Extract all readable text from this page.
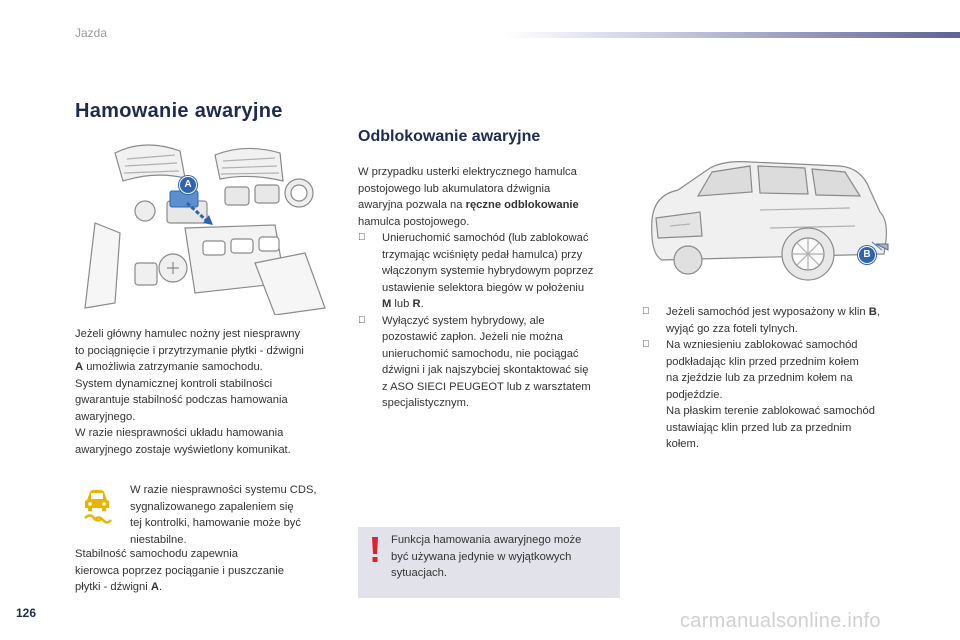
Jazda
Hamowanie awaryjne
A
Jeżeli główny hamulec nożny jest niesprawny
to pociągnięcie i przytrzymanie płytki - dźwigni
A umożliwia zatrzymanie samochodu.
System dynamicznej kontroli stabilności
gwarantuje stabilność podczas hamowania
awaryjnego.
W razie niesprawności układu hamowania
awaryjnego zostaje wyświetlony komunikat.
W razie niesprawności systemu CDS,
sygnalizowanego zapaleniem się
tej kontrolki, hamowanie może być
niestabilne.
Stabilność samochodu zapewnia
kierowca poprzez pociąganie i puszczanie
płytki - dźwigni A.
Odblokowanie awaryjne
W przypadku usterki elektrycznego hamulca
postojowego lub akumulatora dźwignia
awaryjna pozwala na ręczne odblokowanie
hamulca postojowego.
Unieruchomić samochód (lub zablokować
trzymając wciśnięty pedał hamulca) przy
włączonym systemie hybrydowym poprzez
ustawienie selektora biegów w położeniu
M lub R.
Wyłączyć system hybrydowy, ale
pozostawić zapłon. Jeżeli nie można
unieruchomić samochodu, nie pociągać
dźwigni i jak najszybciej skontaktować się
z ASO SIECI PEUGEOT lub z warsztatem
specjalistycznym.
Funkcja hamowania awaryjnego może
być używana jedynie w wyjątkowych
sytuacjach.
B
Jeżeli samochód jest wyposażony w klin B,
wyjąć go zza foteli tylnych.
Na wzniesieniu zablokować samochód
podkładając klin przed przednim kołem
na zjeździe lub za przednim kołem na
podjeździe.
Na płaskim terenie zablokować samochód
ustawiając klin przed lub za przednim
kołem.
126	carmanualsonline.info
